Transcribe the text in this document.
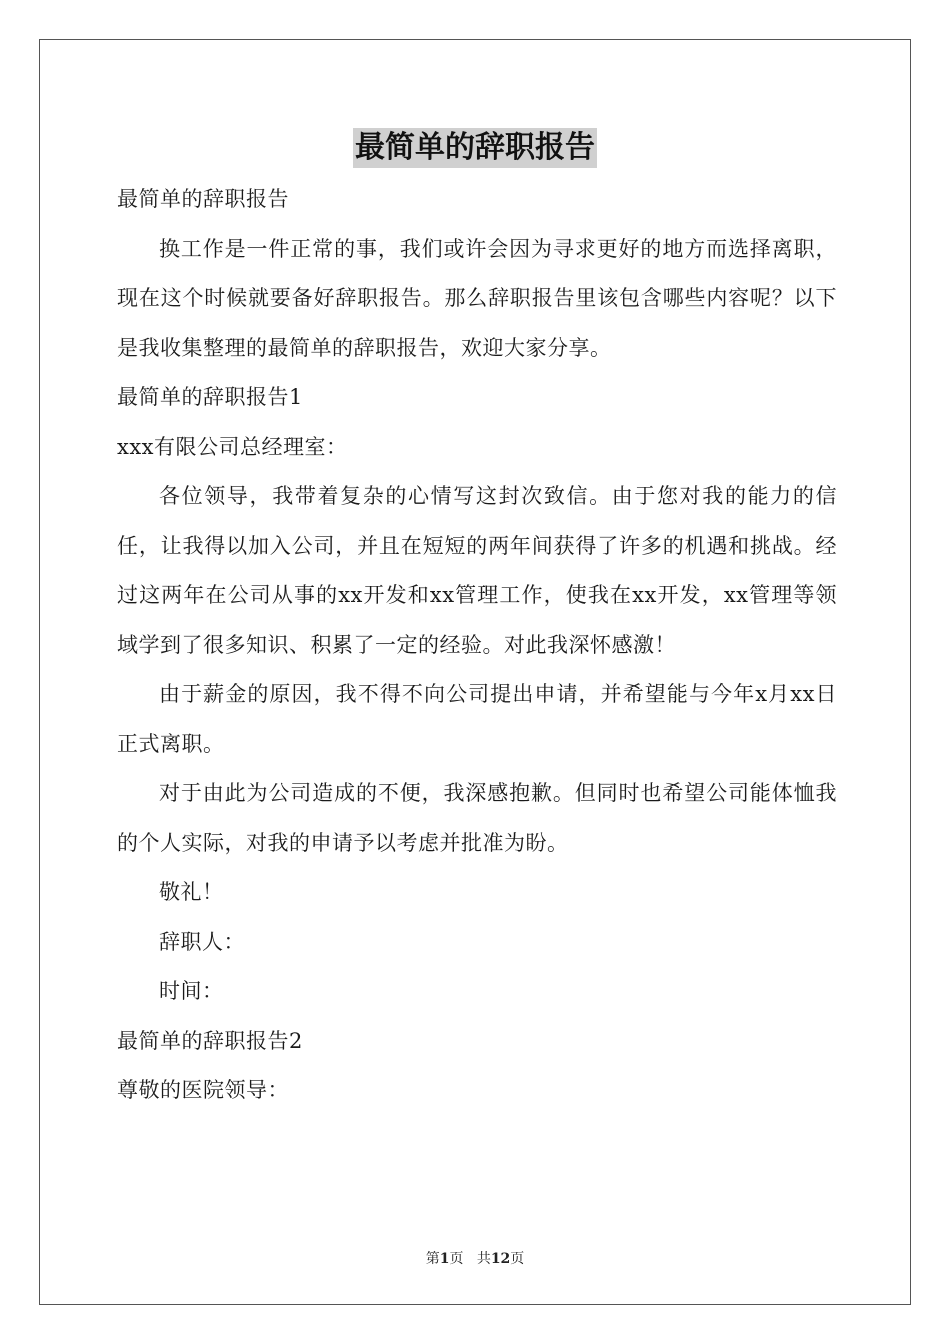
最简单的辞职报告

最简单的辞职报告

换工作是一件正常的事，我们或许会因为寻求更好的地方而选择离职，现在这个时候就要备好辞职报告。那么辞职报告里该包含哪些内容呢？以下是我收集整理的最简单的辞职报告，欢迎大家分享。

最简单的辞职报告1

xxx有限公司总经理室：

各位领导，我带着复杂的心情写这封次致信。由于您对我的能力的信任，让我得以加入公司，并且在短短的两年间获得了许多的机遇和挑战。经过这两年在公司从事的xx开发和xx管理工作，使我在xx开发，xx管理等领域学到了很多知识、积累了一定的经验。对此我深怀感激！

由于薪金的原因，我不得不向公司提出申请，并希望能与今年x月xx日正式离职。

对于由此为公司造成的不便，我深感抱歉。但同时也希望公司能体恤我的个人实际，对我的申请予以考虑并批准为盼。

敬礼！

辞职人：

时间：

最简单的辞职报告2

尊敬的医院领导：

第1页 共12页
